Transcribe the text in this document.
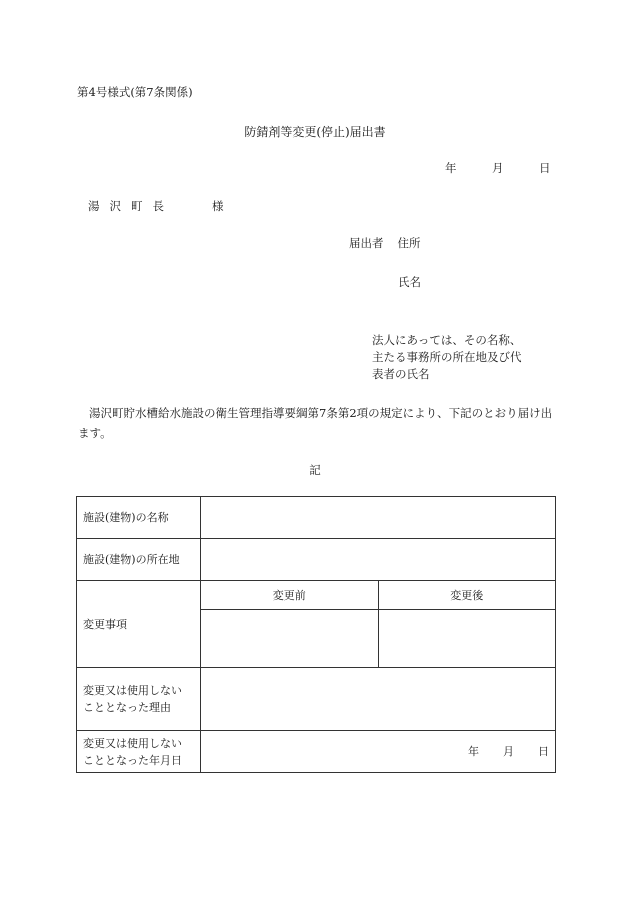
第4号様式(第7条関係)
防錆剤等変更(停止)届出書
年	月	日
湯沢町長	様
届出者 住所
氏名
法人にあっては、その名称、
主たる事務所の所在地及び代
表者の氏名
湯沢町貯水槽給水施設の衛生管理指導要綱第7条第2項の規定により、下記のとおり届け出ます。
記
施設(建物)の名称		
施設(建物)の所在地		
変更事項	変更前	変更後

変更又は使用しない
こととなった理由		

変更又は使用しない
こととなった年月日	年 月 日	
